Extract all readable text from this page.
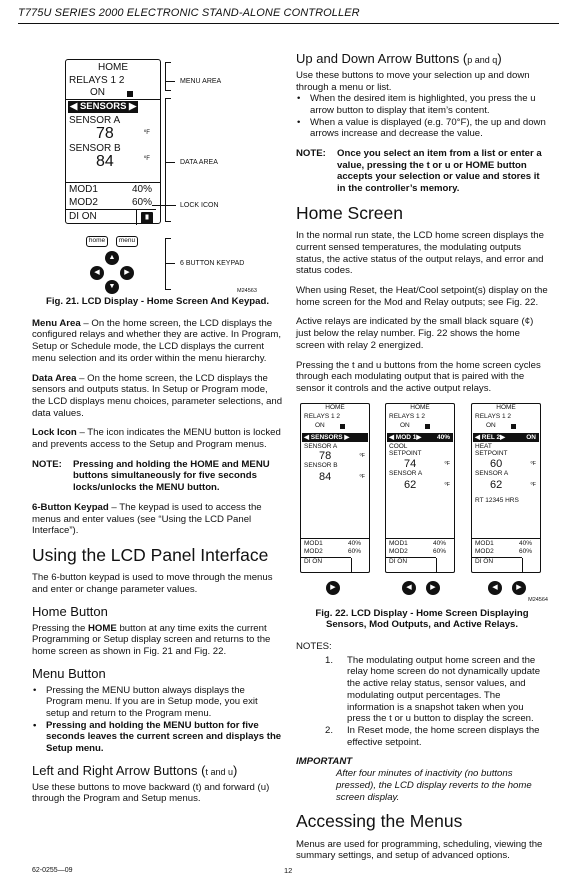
T775U SERIES 2000 ELECTRONIC STAND-ALONE CONTROLLER
HOME
RELAYS 1 2
ON
◀ SENSORS ▶
SENSOR A
78	ºF
SENSOR B
84	ºF
MOD1	40%
MOD2	60%
DI ON
MENU AREA
DATA AREA
LOCK ICON
home	menu
▲
◀	▶
▼
6 BUTTON KEYPAD
M24563
Fig. 21. LCD Display - Home Screen And Keypad.

Menu Area – On the home screen, the LCD displays the configured relays and whether they are active. In Program, Setup or Schedule mode, the LCD displays the current menu selection and its order within the menu hierarchy.

Data Area – On the home screen, the LCD displays the sensors and outputs status. In Setup or Program mode, the LCD displays menu choices, parameter selections, and data values.

Lock Icon – The icon indicates the MENU button is locked and prevents access to the Setup and Program menus.

NOTE:	Pressing and holding the HOME and MENU buttons simultaneously for five seconds locks/unlocks the MENU button.

6-Button Keypad – The keypad is used to access the menus and enter values (see “Using the LCD Panel Interface”).

Using the LCD Panel Interface

The 6-button keypad is used to move through the menus and enter or change parameter values.

Home Button

Pressing the HOME button at any time exits the current Programming or Setup display screen and returns to the home screen as shown in Fig. 21 and Fig. 22.

Menu Button
• Pressing the MENU button always displays the Program menu. If you are in Setup mode, you exit setup and return to the Program menu.
• Pressing and holding the MENU button for five seconds leaves the current screen and displays the Setup menu.
Left and Right Arrow Buttons (t and u)

Use these buttons to move backward (t) and forward (u) through the Program and Setup menus.

Up and Down Arrow Buttons (p and q)

Use these buttons to move your selection up and down through a menu or list.

• When the desired item is highlighted, you press the u arrow button to display that item’s content.
• When a value is displayed (e.g. 70°F), the up and down arrows increase and decrease the value.
NOTE:	Once you select an item from a list or enter a value, pressing the t or u or HOME button accepts your selection or value and stores it in the controller’s memory.
Home Screen

In the normal run state, the LCD home screen displays the current sensed temperatures, the modulating outputs status, the active status of the output relays, and error and status codes.

When using Reset, the Heat/Cool setpoint(s) display on the home screen for the Mod and Relay outputs; see Fig. 22.

Active relays are indicated by the small black square (¢) just below the relay number. Fig. 22 shows the home screen with relay 2 energized.

Pressing the t and u buttons from the home screen cycles through each modulating output that is paired with the sensor it controls and the active output relays.

HOME
RELAYS 1 2
ON
◀ SENSORS ▶
SENSOR A
78	ºF
SENSOR B
84	ºF
MOD1	40%
MOD2	60%
DI ON
HOME
RELAYS 1 2
ON
◀ MOD 1▶ 40%
COOL SETPOINT
74	ºF
SENSOR A
62	ºF
MOD1	40%
MOD2	60%
DI ON
HOME
RELAYS 1 2
ON
◀ REL 2▶	ON
HEAT SETPOINT
60	ºF
SENSOR A
62	ºF
RT 12345 HRS
MOD1	40%
MOD2	60%
DI ON
▶	◀	▶	◀	▶
M24564
Fig. 22. LCD Display - Home Screen Displaying Sensors, Mod Outputs, and Active Relays.
NOTES:
1.	The modulating output home screen and the relay home screen do not dynamically update the active relay status, sensor values, and modulating output percentages. The information is a snapshot taken when you press the t or u button to display the screen.
2.	In Reset mode, the home screen displays the effective setpoint.
IMPORTANT
After four minutes of inactivity (no buttons pressed), the LCD display reverts to the home screen display.
Accessing the Menus

Menus are used for programming, scheduling, viewing the summary settings, and setup of advanced options.

62-0255—09	12
